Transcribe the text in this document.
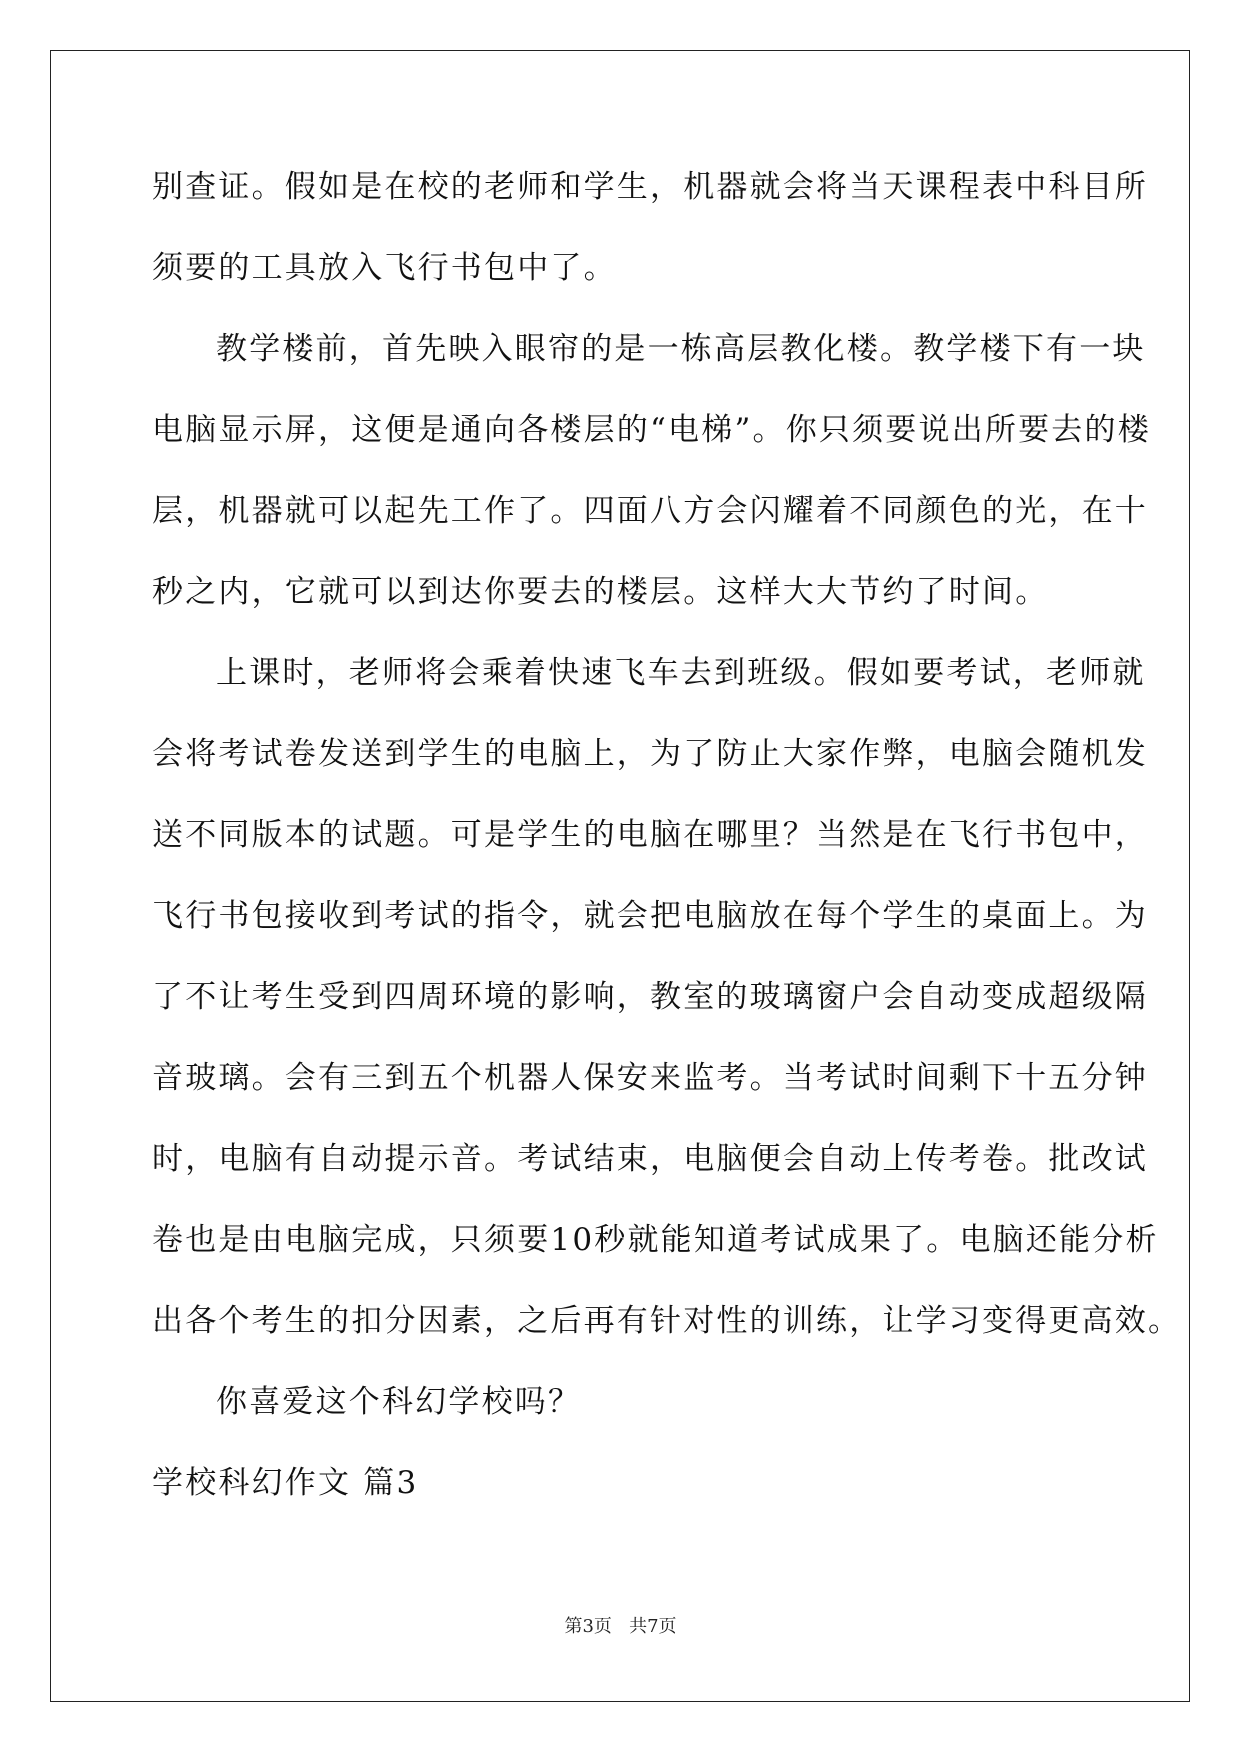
别查证。假如是在校的老师和学生，机器就会将当天课程表中科目所
须要的工具放入飞行书包中了。
教学楼前，首先映入眼帘的是一栋高层教化楼。教学楼下有一块
电脑显示屏，这便是通向各楼层的“电梯”。你只须要说出所要去的楼
层，机器就可以起先工作了。四面八方会闪耀着不同颜色的光，在十
秒之内，它就可以到达你要去的楼层。这样大大节约了时间。
上课时，老师将会乘着快速飞车去到班级。假如要考试，老师就
会将考试卷发送到学生的电脑上，为了防止大家作弊，电脑会随机发
送不同版本的试题。可是学生的电脑在哪里？当然是在飞行书包中，
飞行书包接收到考试的指令，就会把电脑放在每个学生的桌面上。为
了不让考生受到四周环境的影响，教室的玻璃窗户会自动变成超级隔
音玻璃。会有三到五个机器人保安来监考。当考试时间剩下十五分钟
时，电脑有自动提示音。考试结束，电脑便会自动上传考卷。批改试
卷也是由电脑完成，只须要10秒就能知道考试成果了。电脑还能分析
出各个考生的扣分因素，之后再有针对性的训练，让学习变得更高效。
你喜爱这个科幻学校吗？
学校科幻作文 篇3
第3页   共7页
